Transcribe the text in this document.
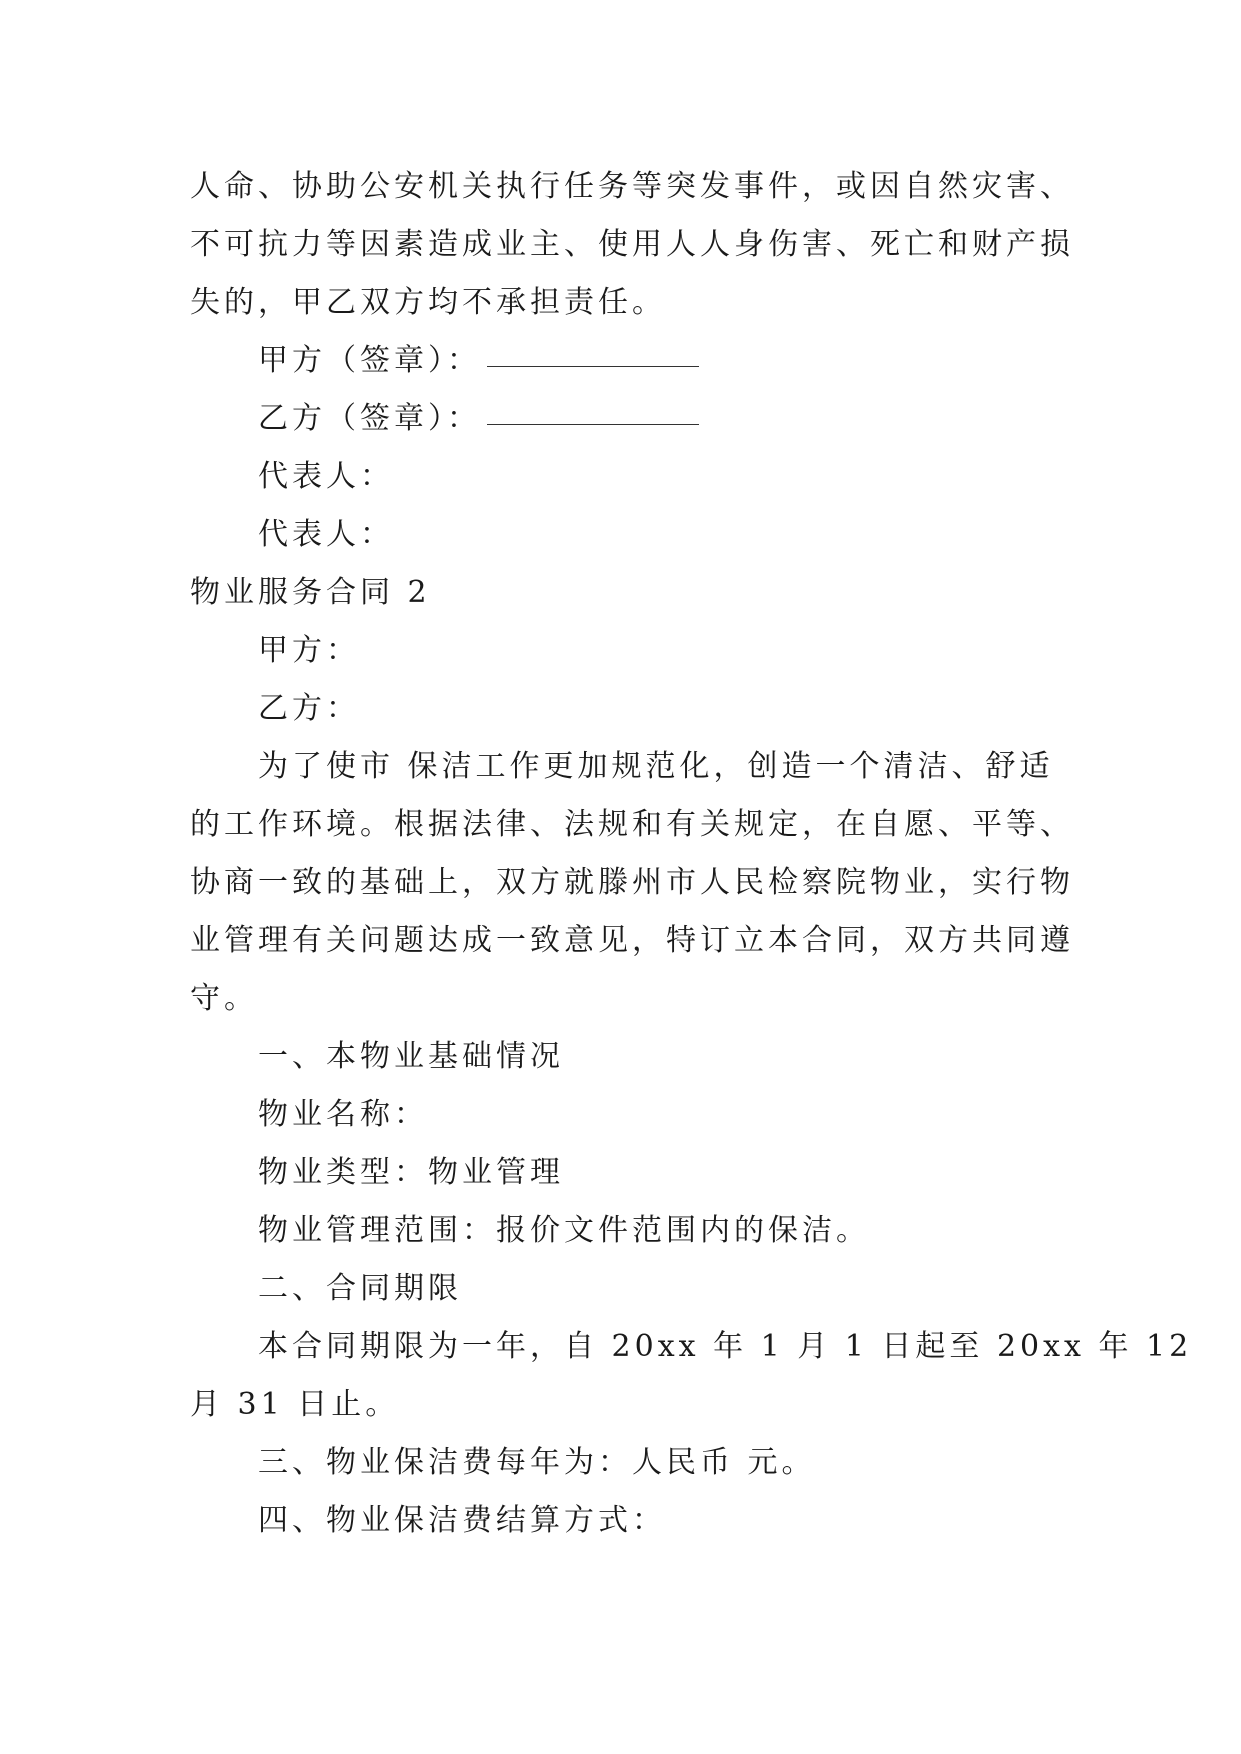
人命、协助公安机关执行任务等突发事件，或因自然灾害、
不可抗力等因素造成业主、使用人人身伤害、死亡和财产损
失的，甲乙双方均不承担责任。
甲方（签章）：
乙方（签章）：
代表人：
代表人：
物业服务合同 2
甲方：
乙方：
为了使市 保洁工作更加规范化，创造一个清洁、舒适
的工作环境。根据法律、法规和有关规定，在自愿、平等、
协商一致的基础上，双方就滕州市人民检察院物业，实行物
业管理有关问题达成一致意见，特订立本合同，双方共同遵
守。
一、本物业基础情况
物业名称：
物业类型：物业管理
物业管理范围：报价文件范围内的保洁。
二、合同期限
本合同期限为一年，自 20xx 年 1 月 1 日起至 20xx 年 12
月 31 日止。
三、物业保洁费每年为：人民币 元。
四、物业保洁费结算方式：
